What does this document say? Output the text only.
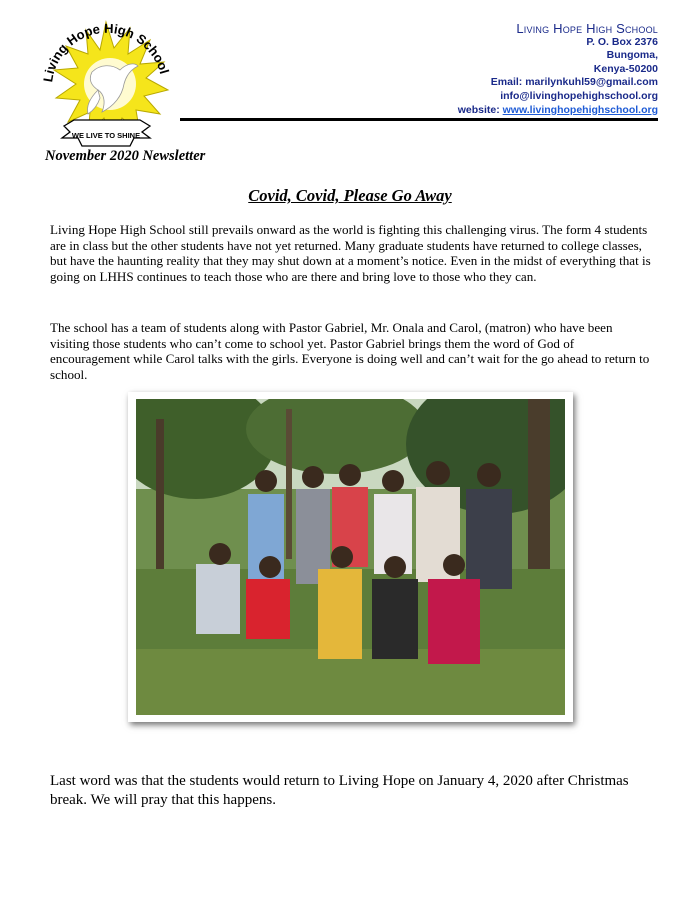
Living Hope High School
WE LIVE TO SHINE
Living Hope High School
P. O. Box 2376
Bungoma,
Kenya-50200
Email: marilynkuhl59@gmail.com
info@livinghopehighschool.org
website: www.livinghopehighschool.org
November 2020 Newsletter
Covid, Covid, Please Go Away

Living Hope High School still prevails onward as the world is fighting this challenging virus. The form 4 students are in class but the other students have not yet returned. Many graduate students have returned to college classes, but have the haunting reality that they may shut down at a moment’s notice. Even in the midst of everything that is going on LHHS continues to teach those who are there and bring love to those who they can.

The school has a team of students along with Pastor Gabriel, Mr. Onala and Carol, (matron) who have been visiting those students who can’t come to school yet. Pastor Gabriel brings them the word of God of encouragement while Carol talks with the girls. Everyone is doing well and can’t wait for the go ahead to return to school.

Last word was that the students would return to Living Hope on January 4, 2020 after Christmas break. We will pray that this happens.
